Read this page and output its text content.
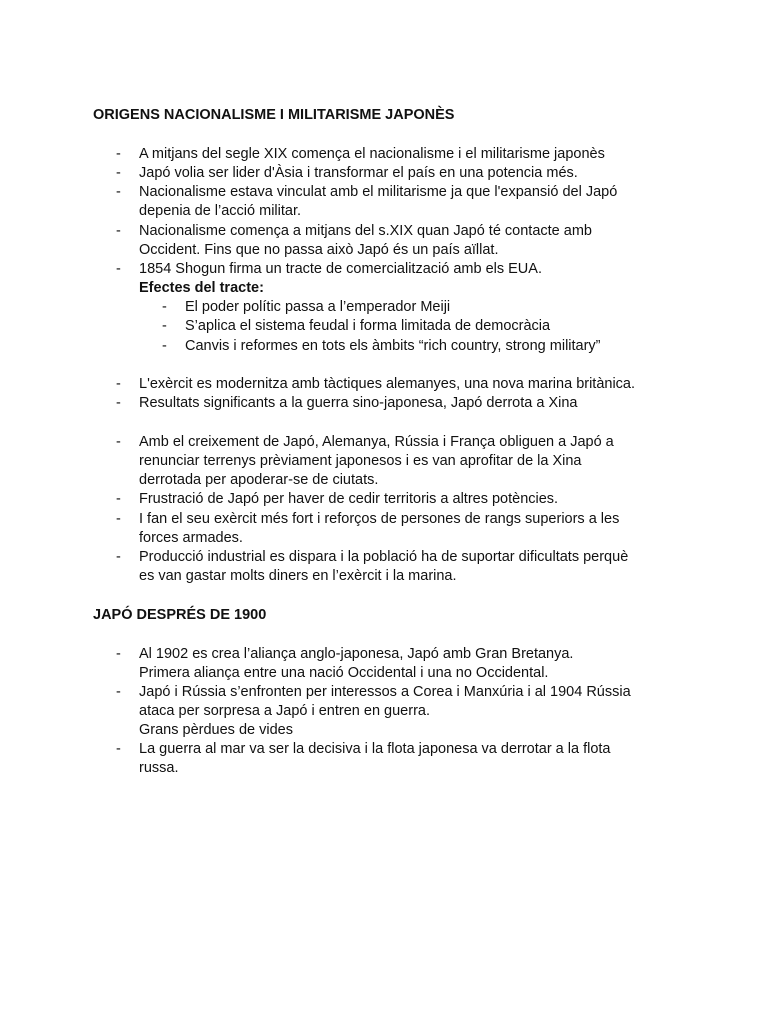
ORIGENS NACIONALISME I MILITARISME JAPONÈS
- A mitjans del segle XIX comença el nacionalisme i el militarisme japonès
- Japó volia ser lider d'Àsia i transformar el país en una potencia més.
- Nacionalisme estava vinculat amb el militarisme ja que l'expansió del Japó
depenia de l’acció militar.
- Nacionalisme comença a mitjans del s.XIX quan Japó té contacte amb
Occident. Fins que no passa això Japó és un país aïllat.
- 1854 Shogun firma un tracte de comercialització amb els EUA.
Efectes del tracte:
- El poder polític passa a l’emperador Meiji
- S’aplica el sistema feudal i forma limitada de democràcia
- Canvis i reformes en tots els àmbits “rich country, strong military”
- L'exèrcit es modernitza amb tàctiques alemanyes, una nova marina britànica.
- Resultats significants a la guerra sino-japonesa, Japó derrota a Xina
- Amb el creixement de Japó, Alemanya, Rússia i França obliguen a Japó a
renunciar terrenys prèviament japonesos i es van aprofitar de la Xina
derrotada per apoderar-se de ciutats.
- Frustració de Japó per haver de cedir territoris a altres potències.
- I fan el seu exèrcit més fort i reforços de persones de rangs superiors a les
forces armades.
- Producció industrial es dispara i la població ha de suportar dificultats perquè
es van gastar molts diners en l’exèrcit i la marina.
JAPÓ DESPRÉS DE 1900
- Al 1902 es crea l’aliança anglo-japonesa, Japó amb Gran Bretanya.
Primera aliança entre una nació Occidental i una no Occidental.
- Japó i Rússia s’enfronten per interessos a Corea i Manxúria i al 1904 Rússia
ataca per sorpresa a Japó i entren en guerra.
Grans pèrdues de vides
- La guerra al mar va ser la decisiva i la flota japonesa va derrotar a la flota
russa.
